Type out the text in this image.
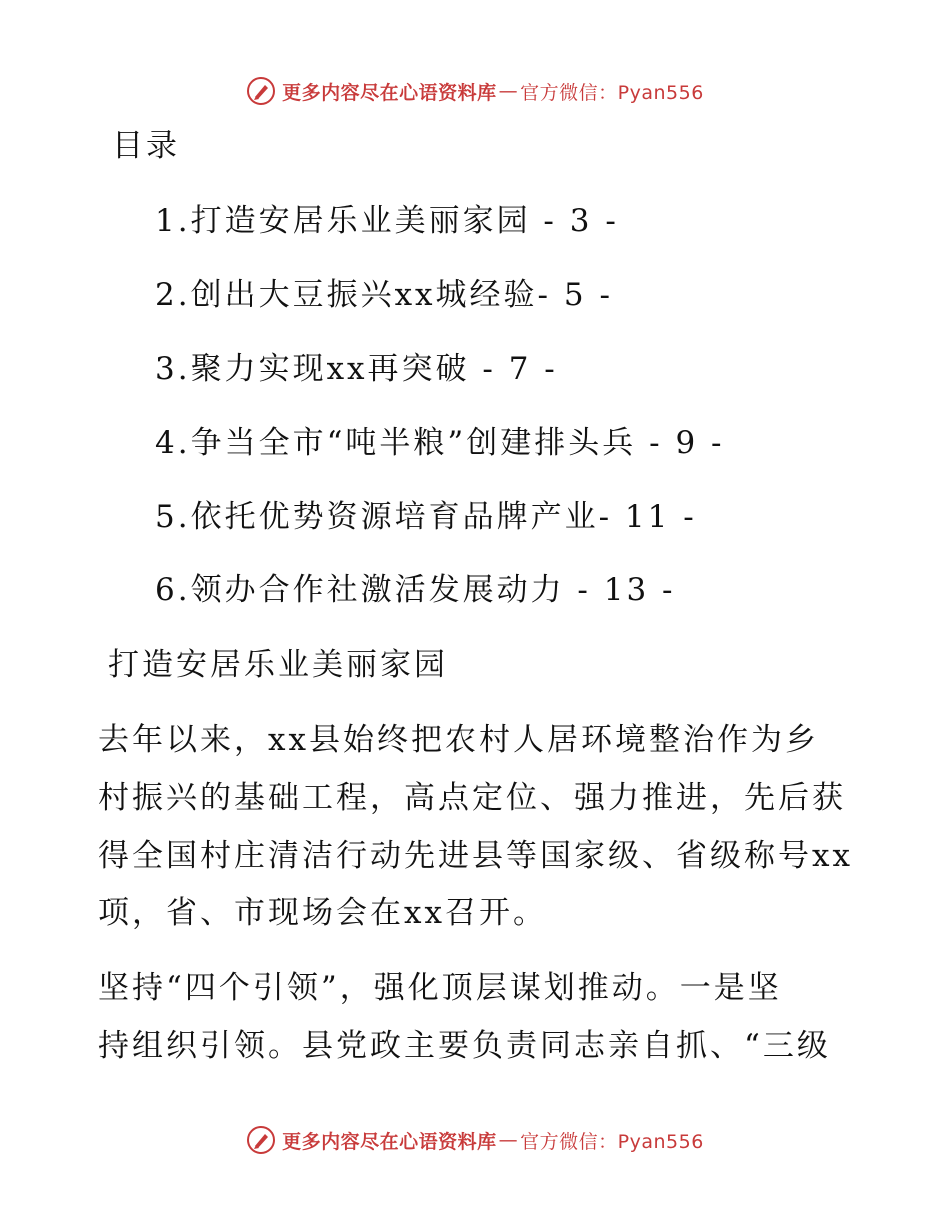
更多内容尽在心语资料库 — 官方微信：Pyan556
目录
1.打造安居乐业美丽家园 - 3 -
2.创出大豆振兴xx城经验- 5 -
3.聚力实现xx再突破 - 7 -
4.争当全市“吨半粮”创建排头兵 - 9 -
5.依托优势资源培育品牌产业- 11 -
6.领办合作社激活发展动力 - 13 -
打造安居乐业美丽家园
去年以来，xx县始终把农村人居环境整治作为乡
村振兴的基础工程，高点定位、强力推进，先后获
得全国村庄清洁行动先进县等国家级、省级称号xx
项，省、市现场会在xx召开。
坚持“四个引领”，强化顶层谋划推动。一是坚
持组织引领。县党政主要负责同志亲自抓、“三级
更多内容尽在心语资料库 — 官方微信：Pyan556
